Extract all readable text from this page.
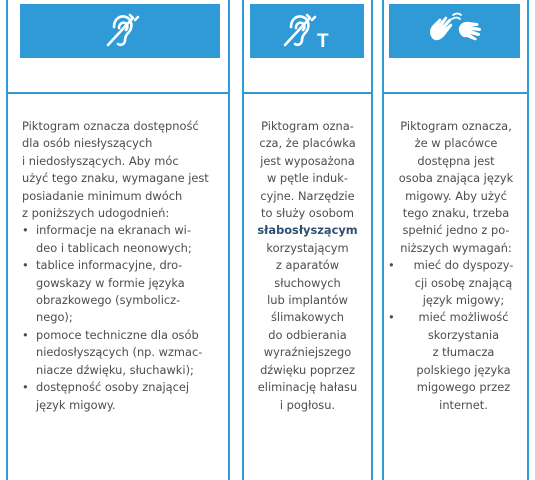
Piktogram oznacza dostępność
dla osób niesłyszących
i niedosłyszących. Aby móc
użyć tego znaku, wymagane jest
posiadanie minimum dwóch
z poniższych udogodnień:

• informacje na ekranach wi-
deo i tablicach neonowych;
• tablice informacyjne, dro-
gowskazy w formie języka
obrazkowego (symbolicz-
nego);
• pomoce techniczne dla osób
niedosłyszących (np. wzmac-
niacze dźwięku, słuchawki);
• dostępność osoby znającej
język migowy.
T

Piktogram ozna-
cza, że placówka
jest wyposażona
w pętle induk-
cyjne. Narzędzie
to służy osobom
słabosłyszącym
korzystającym
z aparatów
słuchowych
lub implantów
ślimakowych
do odbierania
wyraźniejszego
dźwięku poprzez
eliminację hałasu
i pogłosu.

Piktogram oznacza,
że w placówce
dostępna jest
osoba znająca język
migowy. Aby użyć
tego znaku, trzeba
spełnić jedno z po-
niższych wymagań:

• mieć do dyspozy-
cji osobę znającą
język migowy;
• mieć możliwość
skorzystania
z tłumacza
polskiego języka
migowego przez
internet.
